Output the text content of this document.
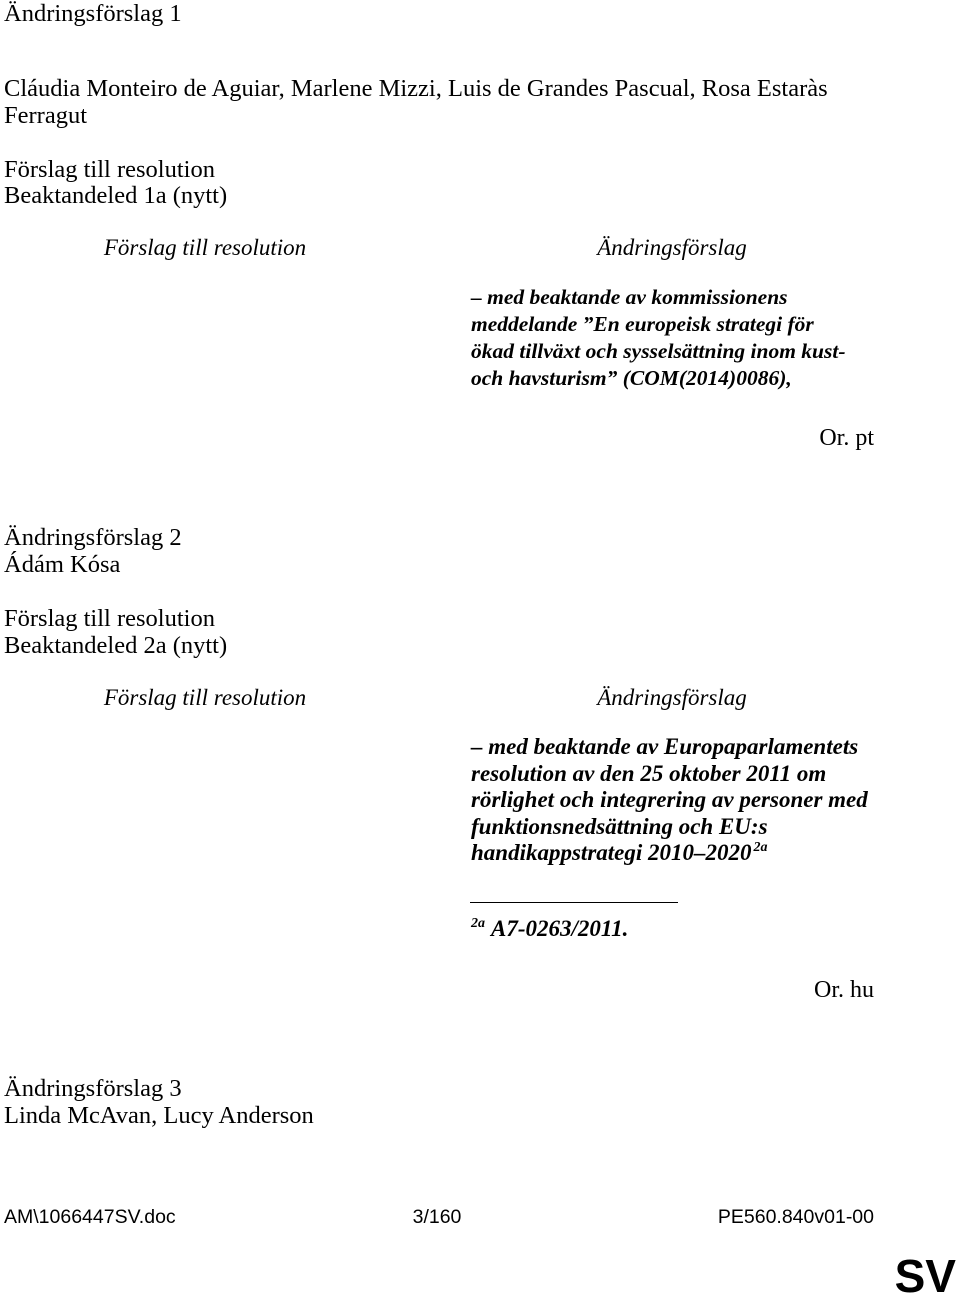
Ändringsförslag 1
Cláudia Monteiro de Aguiar, Marlene Mizzi, Luis de Grandes Pascual, Rosa Estaràs Ferragut
Förslag till resolution
Beaktandeled 1a (nytt)
Förslag till resolution	Ändringsförslag
– med beaktande av kommissionens
meddelande ”En europeisk strategi för
ökad tillväxt och sysselsättning inom kust-
och havsturism” (COM(2014)0086),
Or. pt
Ändringsförslag 2
Ádám Kósa
Förslag till resolution
Beaktandeled 2a (nytt)
Förslag till resolution	Ändringsförslag
– med beaktande av Europaparlamentets
resolution av den 25 oktober 2011 om
rörlighet och integrering av personer med
funktionsnedsättning och EU:s
handikappstrategi 2010–2020 $^{2a}$
$^{2a}$ A7-0263/2011.
Or. hu
Ändringsförslag 3
Linda McAvan, Lucy Anderson
AM\1066447SV.doc	3/160	PE560.840v01-00
SV
